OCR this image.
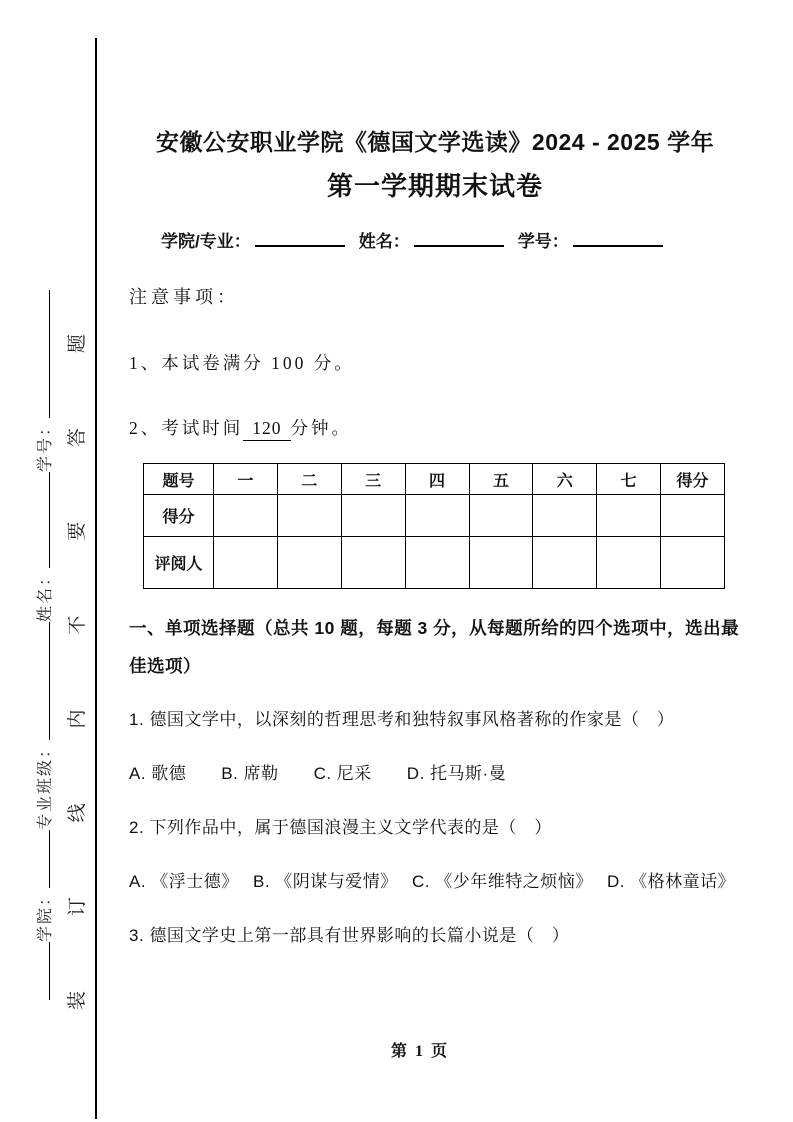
学院：专业班级：姓名：学号：
装
订
线
内
不
要
答
题
安徽公安职业学院《德国文学选读》2024 - 2025 学年
第一学期期末试卷
学院/专业：	姓名：	学号：
注意事项：
1、本试卷满分 100 分。
2、考试时间 120 分钟。
题号	一	二	三	四	五	六	七	得分
得分								
评阅人								

一、单项选择题（总共 10 题，每题 3 分，从每题所给的四个选项中，选出最佳选项）

1. 德国文学中，以深刻的哲理思考和独特叙事风格著称的作家是（　）

A. 歌德　　B. 席勒　　C. 尼采　　D. 托马斯·曼

2. 下列作品中，属于德国浪漫主义文学代表的是（　）

A. 《浮士德》　 B. 《阴谋与爱情》　 C. 《少年维特之烦恼》　 D. 《格林童话》

3. 德国文学史上第一部具有世界影响的长篇小说是（　）

第 1 页
